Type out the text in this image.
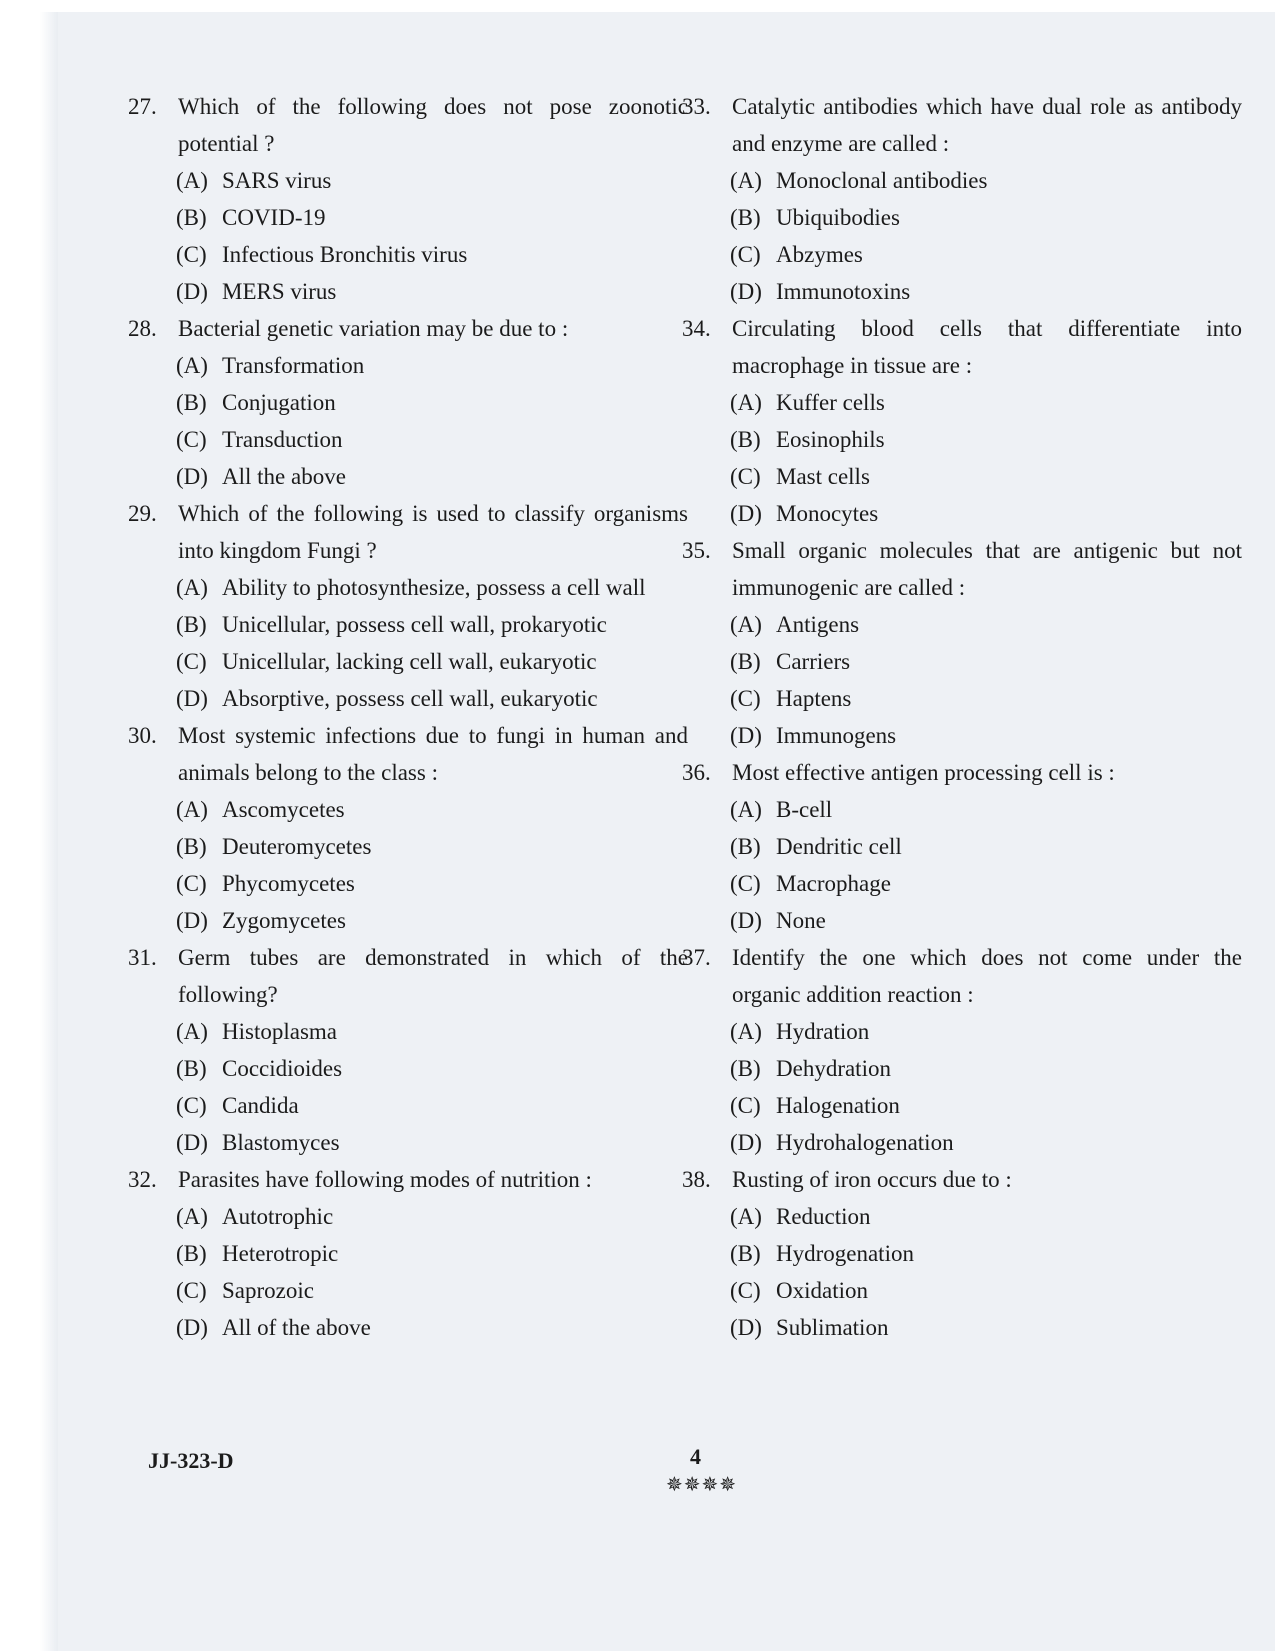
27. Which of the following does not pose zoonotic potential ?
(A) SARS virus
(B) COVID-19
(C) Infectious Bronchitis virus
(D) MERS virus
28. Bacterial genetic variation may be due to :
(A) Transformation
(B) Conjugation
(C) Transduction
(D) All the above
29. Which of the following is used to classify organisms into kingdom Fungi ?
(A) Ability to photosynthesize, possess a cell wall
(B) Unicellular, possess cell wall, prokaryotic
(C) Unicellular, lacking cell wall, eukaryotic
(D) Absorptive, possess cell wall, eukaryotic
30. Most systemic infections due to fungi in human and animals belong to the class :
(A) Ascomycetes
(B) Deuteromycetes
(C) Phycomycetes
(D) Zygomycetes
31. Germ tubes are demonstrated in which of the following?
(A) Histoplasma
(B) Coccidioides
(C) Candida
(D) Blastomyces
32. Parasites have following modes of nutrition :
(A) Autotrophic
(B) Heterotropic
(C) Saprozoic
(D) All of the above
33. Catalytic antibodies which have dual role as antibody and enzyme are called :
(A) Monoclonal antibodies
(B) Ubiquibodies
(C) Abzymes
(D) Immunotoxins
34. Circulating blood cells that differentiate into macrophage in tissue are :
(A) Kuffer cells
(B) Eosinophils
(C) Mast cells
(D) Monocytes
35. Small organic molecules that are antigenic but not immunogenic are called :
(A) Antigens
(B) Carriers
(C) Haptens
(D) Immunogens
36. Most effective antigen processing cell is :
(A) B-cell
(B) Dendritic cell
(C) Macrophage
(D) None
37. Identify the one which does not come under the organic addition reaction :
(A) Hydration
(B) Dehydration
(C) Halogenation
(D) Hydrohalogenation
38. Rusting of iron occurs due to :
(A) Reduction
(B) Hydrogenation
(C) Oxidation
(D) Sublimation
JJ-323-D	4
✵✵✵✵
